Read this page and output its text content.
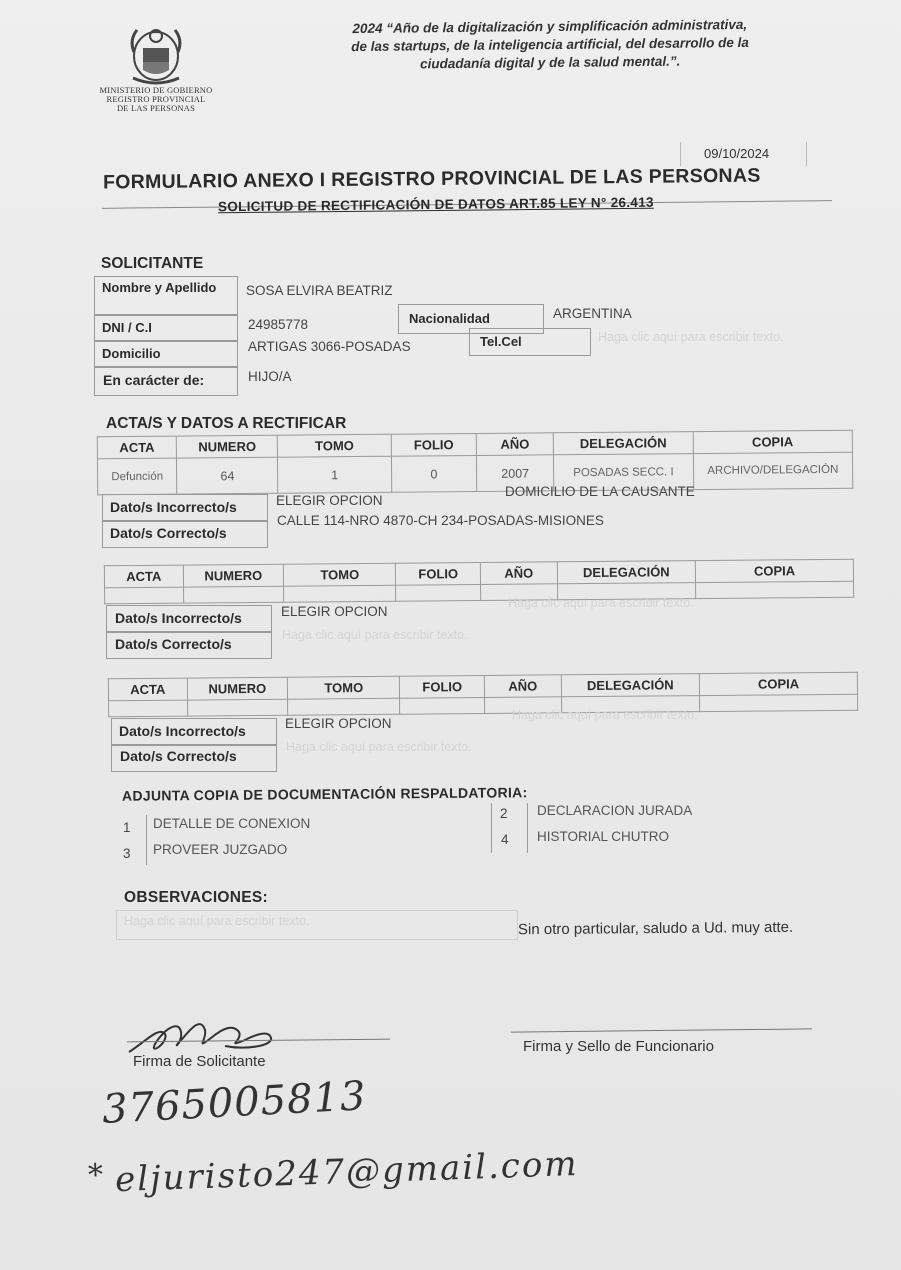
MINISTERIO DE GOBIERNO
REGISTRO PROVINCIAL
DE LAS PERSONAS
2024 “Año de la digitalización y simplificación administrativa,
de las startups, de la inteligencia artificial, del desarrollo de la
ciudadanía digital y de la salud mental.”.
09/10/2024
FORMULARIO ANEXO I REGISTRO PROVINCIAL DE LAS PERSONAS
SOLICITUD DE RECTIFICACIÓN DE DATOS ART.85 LEY N° 26.413
SOLICITANTE
Nombre y Apellido	SOSA ELVIRA BEATRIZ
DNI / C.I	24985778	Nacionalidad	ARGENTINA
Domicilio	ARTIGAS 3066-POSADAS	Tel.Cel	Haga clic aquí para escribir texto.
En carácter de:	HIJO/A
ACTA/S Y DATOS A RECTIFICAR
ACTA	NUMERO	TOMO	FOLIO	AÑO	DELEGACIÓN	COPIA
Defunción	64	1	0	2007	POSADAS SECC. I	ARCHIVO/DELEGACIÓN
Dato/s Incorrecto/s	ELEGIR OPCION
DOMICILIO DE LA CAUSANTE
Dato/s Correcto/s
CALLE 114-NRO 4870-CH 234-POSADAS-MISIONES
ACTA	NUMERO	TOMO	FOLIO	AÑO	DELEGACIÓN	COPIA

Dato/s Incorrecto/s	ELEGIR OPCION
Haga clic aquí para escribir texto.
Dato/s Correcto/s
Haga clic aquí para escribir texto.
ACTA	NUMERO	TOMO	FOLIO	AÑO	DELEGACIÓN	COPIA

Dato/s Incorrecto/s	ELEGIR OPCION
Haga clic aquí para escribir texto.
Dato/s Correcto/s
Haga clic aquí para escribir texto.
ADJUNTA COPIA DE DOCUMENTACIÓN RESPALDATORIA:
1 DETALLE DE CONEXION
3 PROVEER JUZGADO
2 DECLARACION JURADA
4 HISTORIAL CHUTRO
OBSERVACIONES:
Haga clic aquí para escribir texto.	Sin otro particular, saludo a Ud. muy atte.
Firma de Solicitante
Firma y Sello de Funcionario
3765005813
* eljuristo247@gmail.com
